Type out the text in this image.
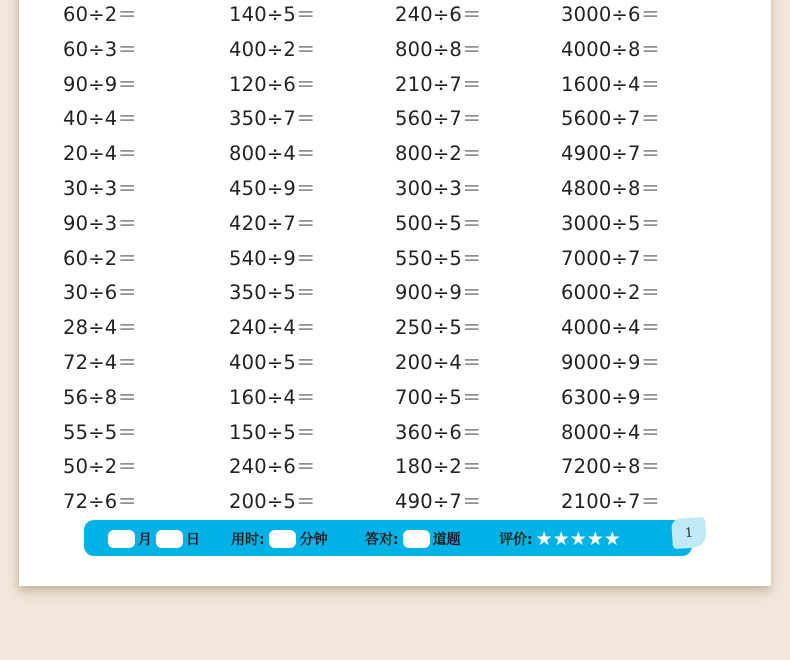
60÷2＝	140÷5＝	240÷6＝	3000÷6＝
60÷3＝	400÷2＝	800÷8＝	4000÷8＝
90÷9＝	120÷6＝	210÷7＝	1600÷4＝
40÷4＝	350÷7＝	560÷7＝	5600÷7＝
20÷4＝	800÷4＝	800÷2＝	4900÷7＝
30÷3＝	450÷9＝	300÷3＝	4800÷8＝
90÷3＝	420÷7＝	500÷5＝	3000÷5＝
60÷2＝	540÷9＝	550÷5＝	7000÷7＝
30÷6＝	350÷5＝	900÷9＝	6000÷2＝
28÷4＝	240÷4＝	250÷5＝	4000÷4＝
72÷4＝	400÷5＝	200÷4＝	9000÷9＝
56÷8＝	160÷4＝	700÷5＝	6300÷9＝
55÷5＝	150÷5＝	360÷6＝	8000÷4＝
50÷2＝	240÷6＝	180÷2＝	7200÷8＝
72÷6＝	200÷5＝	490÷7＝	2100÷7＝
月 日 用时:	分钟	答对: 道题	评价: ★★★★★	1
